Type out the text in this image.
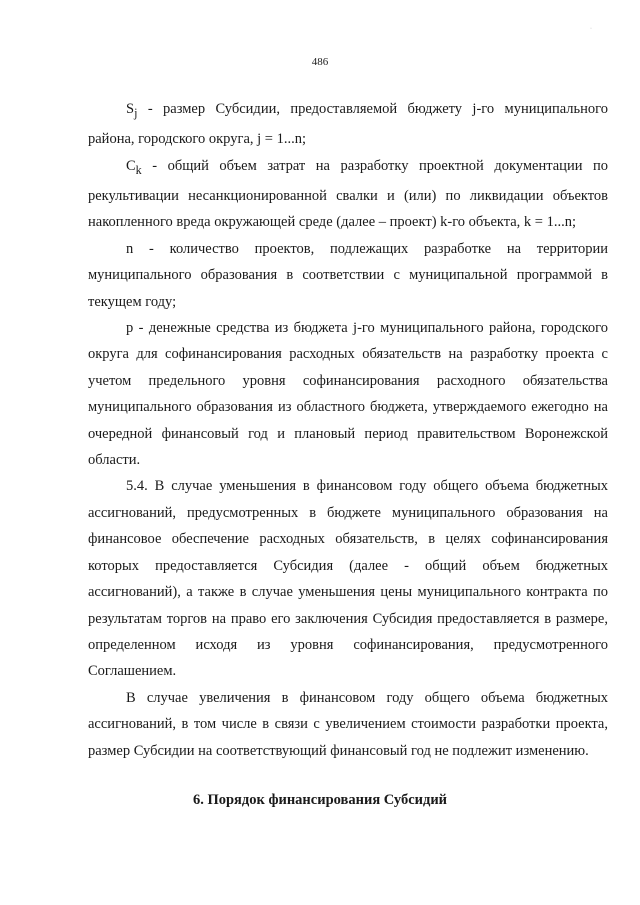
·
486

$S_j$ - размер Субсидии, предоставляемой бюджету j-го муниципального района, городского округа, j = 1...n;

$C_k$ - общий объем затрат на разработку проектной документации по рекультивации несанкционированной свалки и (или) по ликвидации объектов накопленного вреда окружающей среде (далее – проект) k-го объекта, k = 1...n;

n - количество проектов, подлежащих разработке на территории муниципального образования в соответствии с муниципальной программой в текущем году;

p - денежные средства из бюджета j-го муниципального района, городского округа для софинансирования расходных обязательств на разработку проекта с учетом предельного уровня софинансирования расходного обязательства муниципального образования из областного бюджета, утверждаемого ежегодно на очередной финансовый год и плановый период правительством Воронежской области.

5.4. В случае уменьшения в финансовом году общего объема бюджетных ассигнований, предусмотренных в бюджете муниципального образования на финансовое обеспечение расходных обязательств, в целях софинансирования которых предоставляется Субсидия (далее - общий объем бюджетных ассигнований), а также в случае уменьшения цены муниципального контракта по результатам торгов на право его заключения Субсидия предоставляется в размере, определенном исходя из уровня софинансирования, предусмотренного Соглашением.

В случае увеличения в финансовом году общего объема бюджетных ассигнований, в том числе в связи с увеличением стоимости разработки проекта, размер Субсидии на соответствующий финансовый год не подлежит изменению.

6. Порядок финансирования Субсидий
